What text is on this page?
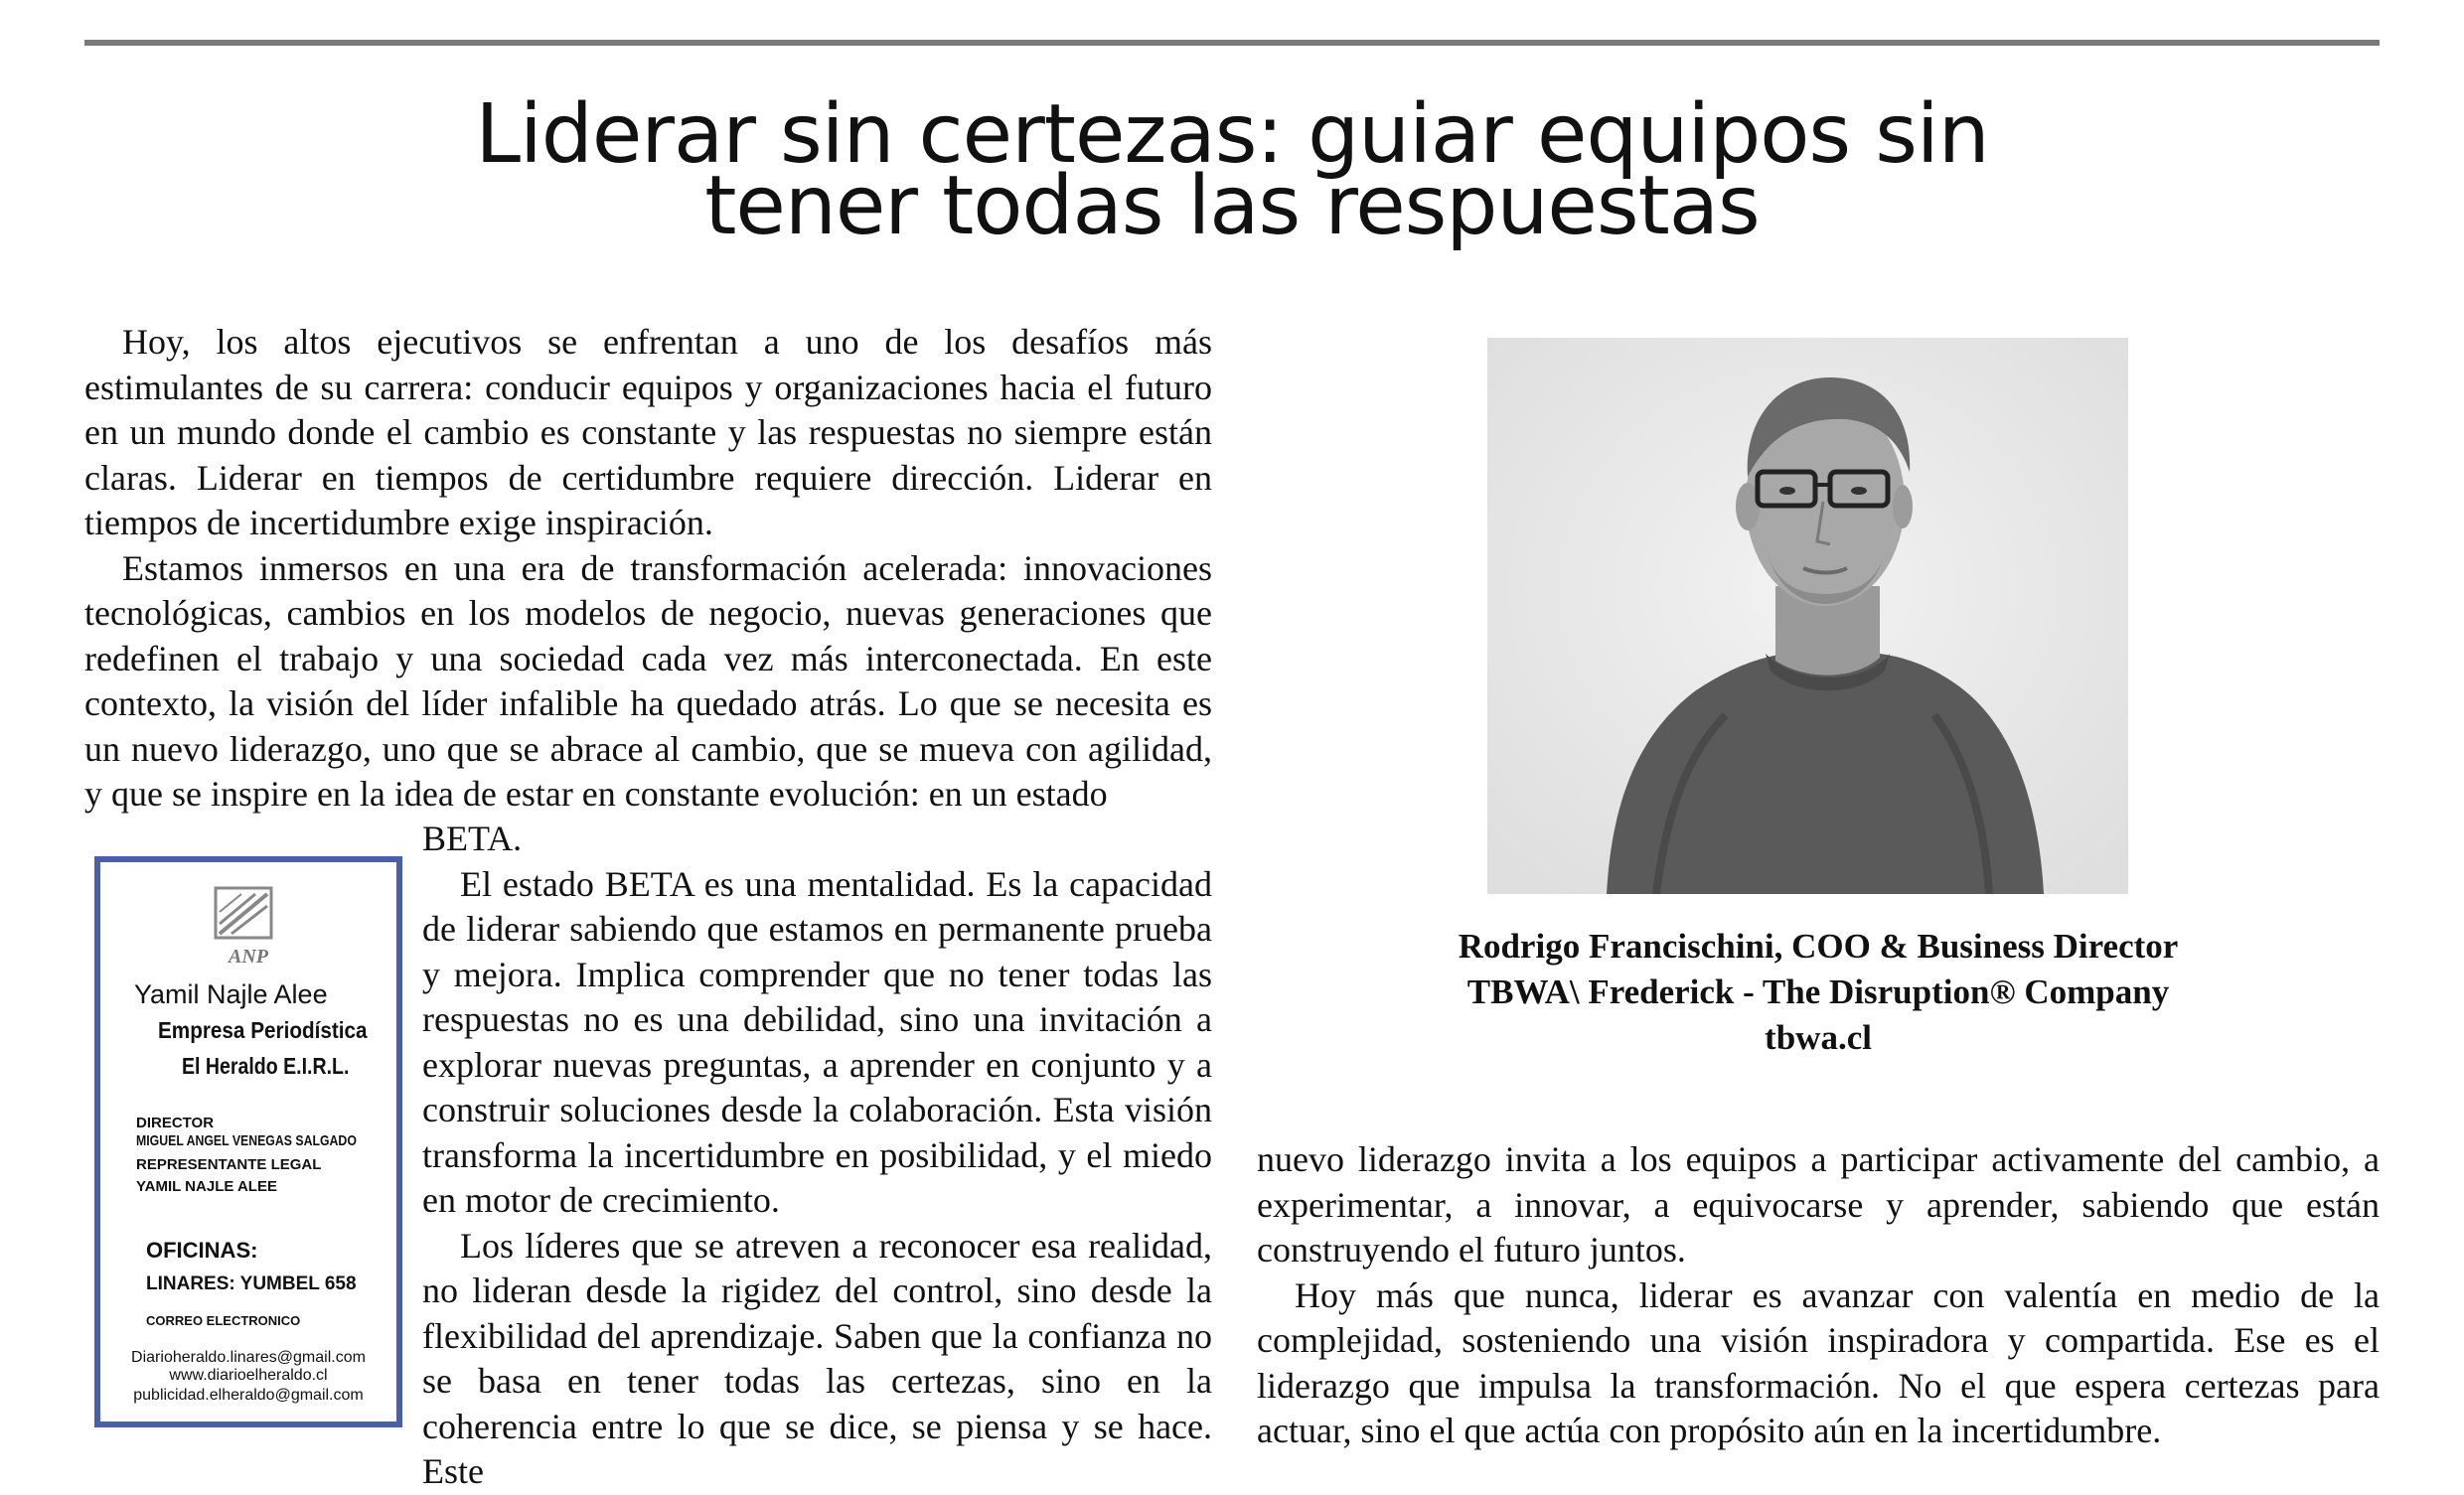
Liderar sin certezas: guiar equipos sin
tener todas las respuestas

Hoy, los altos ejecutivos se enfrentan a uno de los desafíos más estimulantes de su carrera: conducir equipos y organizaciones hacia el futuro en un mundo donde el cambio es constante y las respuestas no siempre están claras. Liderar en tiempos de certidumbre requiere dirección. Liderar en tiempos de incertidumbre exige inspiración.

Estamos inmersos en una era de transformación acelerada: innovaciones tecnológicas, cambios en los modelos de negocio, nuevas generaciones que redefinen el trabajo y una sociedad cada vez más interconectada. En este contexto, la visión del líder infalible ha quedado atrás. Lo que se necesita es un nuevo liderazgo, uno que se abrace al cambio, que se mueva con agilidad, y que se inspire en la idea de estar en constante evolución: en un estado

BETA.

El estado BETA es una mentalidad. Es la capacidad de liderar sabiendo que estamos en permanente prueba y mejora. Implica comprender que no tener todas las respuestas no es una debilidad, sino una invitación a explorar nuevas preguntas, a aprender en conjunto y a construir soluciones desde la colaboración. Esta visión transforma la incertidumbre en posibilidad, y el miedo en motor de crecimiento.

Los líderes que se atreven a reconocer esa realidad, no lideran desde la rigidez del control, sino desde la flexibilidad del aprendizaje. Saben que la confianza no se basa en tener todas las certezas, sino en la coherencia entre lo que se dice, se piensa y se hace. Este

ANP
Yamil Najle Alee
Empresa Periodística
El Heraldo E.I.R.L.
DIRECTOR
MIGUEL ANGEL VENEGAS SALGADO
REPRESENTANTE LEGAL
YAMIL NAJLE ALEE
OFICINAS:
LINARES: YUMBEL 658
CORREO ELECTRONICO
Diarioheraldo.linares@gmail.com
www.diarioelheraldo.cl
publicidad.elheraldo@gmail.com
Rodrigo Francischini, COO & Business Director
TBWA\ Frederick - The Disruption® Company
tbwa.cl

nuevo liderazgo invita a los equipos a participar activamente del cambio, a experimentar, a innovar, a equivocarse y aprender, sabiendo que están construyendo el futuro juntos.

Hoy más que nunca, liderar es avanzar con valentía en medio de la complejidad, sosteniendo una visión inspiradora y compartida. Ese es el liderazgo que impulsa la transformación. No el que espera certezas para actuar, sino el que actúa con propósito aún en la incertidumbre.
